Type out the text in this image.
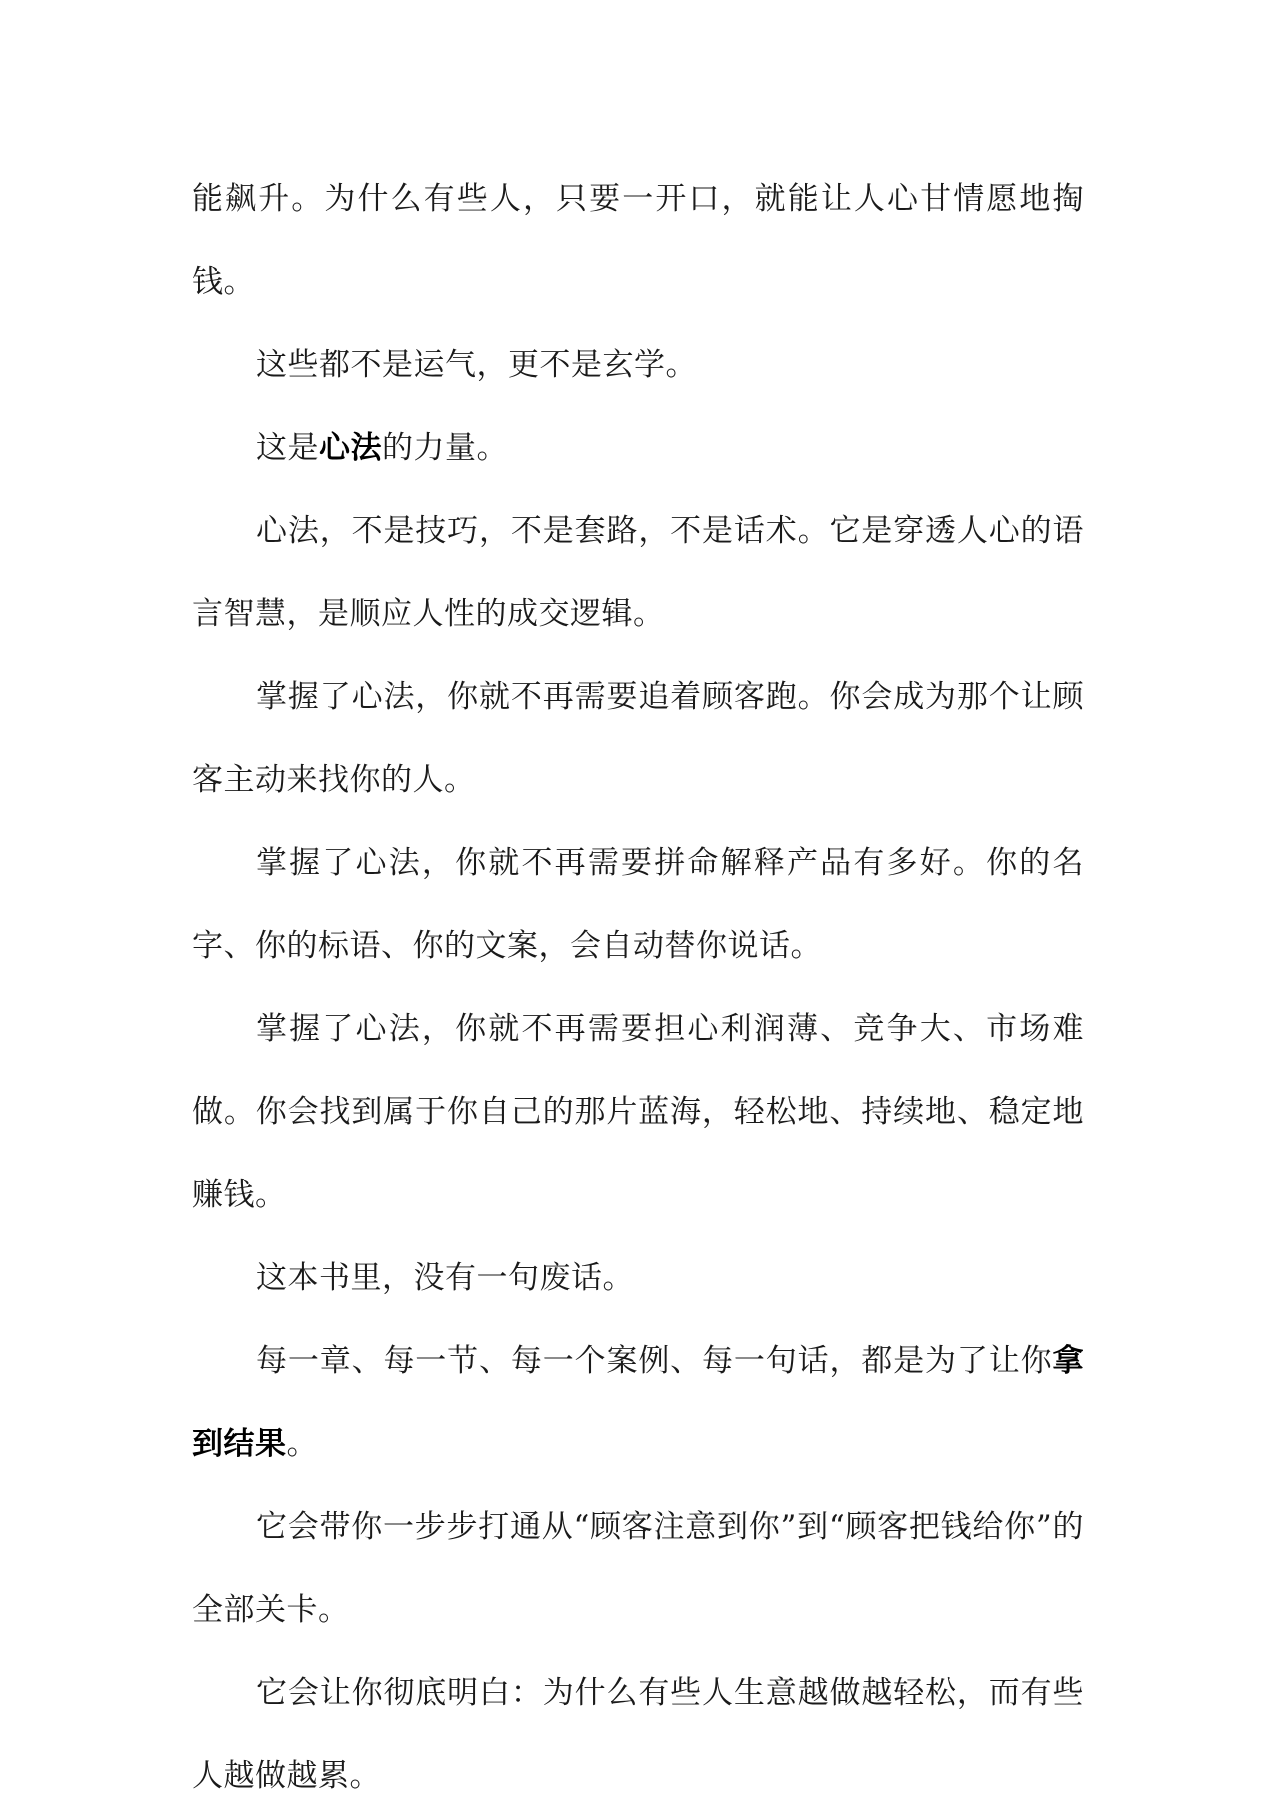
能飙升。为什么有些人，只要一开口，就能让人心甘情愿地掏钱。

这些都不是运气，更不是玄学。

这是心法的力量。

心法，不是技巧，不是套路，不是话术。它是穿透人心的语言智慧，是顺应人性的成交逻辑。

掌握了心法，你就不再需要追着顾客跑。你会成为那个让顾客主动来找你的人。

掌握了心法，你就不再需要拼命解释产品有多好。你的名字、你的标语、你的文案，会自动替你说话。

掌握了心法，你就不再需要担心利润薄、竞争大、市场难做。你会找到属于你自己的那片蓝海，轻松地、持续地、稳定地赚钱。

这本书里，没有一句废话。

每一章、每一节、每一个案例、每一句话，都是为了让你拿到结果。

它会带你一步步打通从“顾客注意到你”到“顾客把钱给你”的全部关卡。

它会让你彻底明白：为什么有些人生意越做越轻松，而有些人越做越累。
